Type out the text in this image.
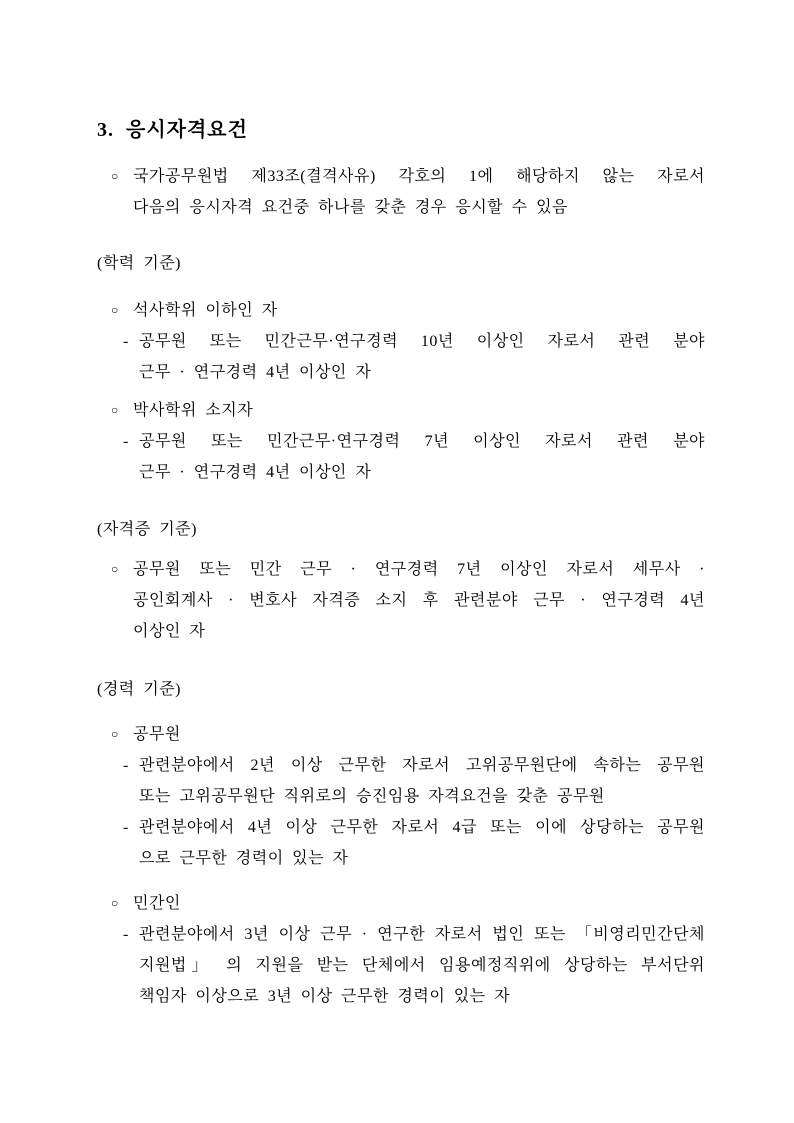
3. 응시자격요건
○ 국가공무원법 제33조(결격사유) 각호의 1에 해당하지 않는 자로서
다음의 응시자격 요건중 하나를 갖춘 경우 응시할 수 있음
(학력 기준)
○ 석사학위 이하인 자
- 공무원 또는 민간근무·연구경력 10년 이상인 자로서 관련 분야
근무 · 연구경력 4년 이상인 자
○ 박사학위 소지자
- 공무원 또는 민간근무·연구경력 7년 이상인 자로서 관련 분야
근무 · 연구경력 4년 이상인 자
(자격증 기준)
○ 공무원 또는 민간 근무 · 연구경력 7년 이상인 자로서 세무사 ·
공인회계사 · 변호사 자격증 소지 후 관련분야 근무 · 연구경력 4년
이상인 자
(경력 기준)
○ 공무원
- 관련분야에서 2년 이상 근무한 자로서 고위공무원단에 속하는 공무원
또는 고위공무원단 직위로의 승진임용 자격요건을 갖춘 공무원
- 관련분야에서 4년 이상 근무한 자로서 4급 또는 이에 상당하는 공무원
으로 근무한 경력이 있는 자
○ 민간인
- 관련분야에서 3년 이상 근무 · 연구한 자로서 법인 또는 「비영리민간단체
지원법」 의 지원을 받는 단체에서 임용예정직위에 상당하는 부서단위
책임자 이상으로 3년 이상 근무한 경력이 있는 자
